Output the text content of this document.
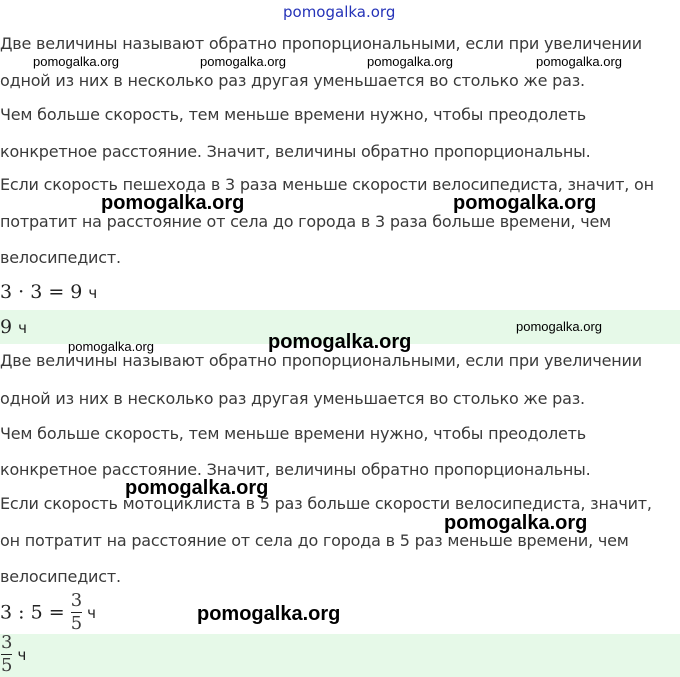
pomogalka.org
Две величины называют обратно пропорциональными, если при увеличении
одной из них в несколько раз другая уменьшается во столько же раз.
Чем больше скорость, тем меньше времени нужно, чтобы преодолеть
конкретное расстояние. Значит, величины обратно пропорциональны.
Если скорость пешехода в 3 раза меньше скорости велосипедиста, значит, он
потратит на расстояние от села до города в 3 раза больше времени, чем
велосипедист.
3 · 3 = 9 ч
9 ч
Две величины называют обратно пропорциональными, если при увеличении
одной из них в несколько раз другая уменьшается во столько же раз.
Чем больше скорость, тем меньше времени нужно, чтобы преодолеть
конкретное расстояние. Значит, величины обратно пропорциональны.
Если скорость мотоциклиста в 5 раз больше скорости велосипедиста, значит,
он потратит на расстояние от села до города в 5 раз меньше времени, чем
велосипедист.
3 : $5 = \frac{3}{5}$ ч
$\frac{3}{5}$ ч
pomogalka.org	pomogalka.org	pomogalka.org	pomogalka.org
pomogalka.org	pomogalka.org
pomogalka.org
pomogalka.org	pomogalka.org
pomogalka.org
pomogalka.org
pomogalka.org
